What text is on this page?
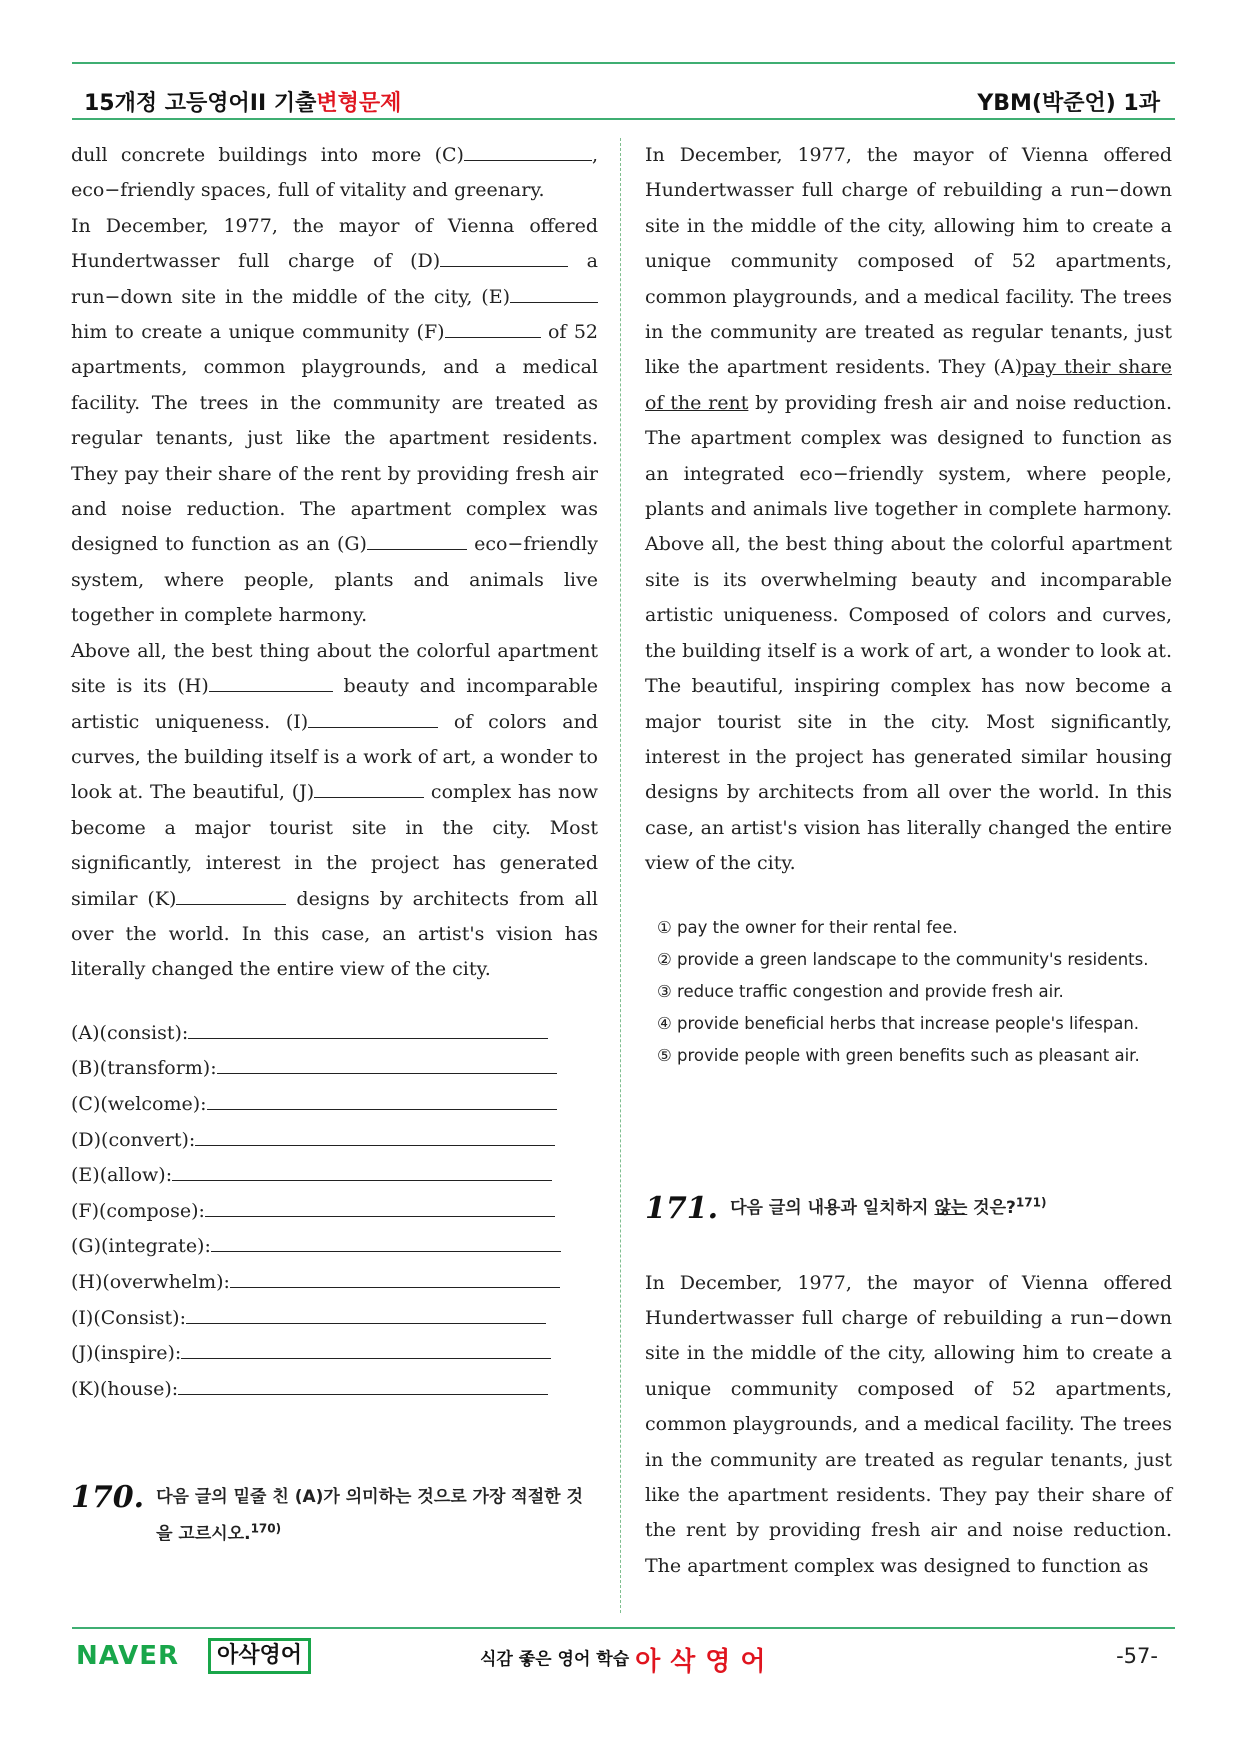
15개정 고등영어II 기출변형문제	YBM(박준언) 1과

dull concrete buildings into more (C)	, eco−friendly spaces, full of vitality and greenary.

In December, 1977, the mayor of Vienna offered Hundertwasser full charge of (D)	a run−down site in the middle of the city, (E) him to create a unique community (F)	of 52 apartments, common playgrounds, and a medical facility. The trees in the community are treated as regular tenants, just like the apartment residents. They pay their share of the rent by providing fresh air and noise reduction. The apartment complex was designed to function as an (G)	eco−friendly system, where people, plants and animals live together in complete harmony.

Above all, the best thing about the colorful apartment site is its (H)	beauty and incomparable artistic uniqueness. (I)	of colors and curves, the building itself is a work of art, a wonder to look at. The beautiful, (J)	complex has now become a major tourist site in the city. Most significantly, interest in the project has generated similar (K)	designs by architects from all over the world. In this case, an artist's vision has literally changed the entire view of the city.

(A)(consist):
(B)(transform):
(C)(welcome):
(D)(convert):
(E)(allow):
(F)(compose):
(G)(integrate):
(H)(overwhelm):
(I)(Consist):
(J)(inspire):
(K)(house):
170. 다음 글의 밑줄 친 (A)가 의미하는 것으로 가장 적절한 것을 고르시오.$^{170)}$

In December, 1977, the mayor of Vienna offered Hundertwasser full charge of rebuilding a run−down site in the middle of the city, allowing him to create a unique community composed of 52 apartments, common playgrounds, and a medical facility. The trees in the community are treated as regular tenants, just like the apartment residents. They (A)pay their share of the rent by providing fresh air and noise reduction. The apartment complex was designed to function as an integrated eco−friendly system, where people, plants and animals live together in complete harmony. Above all, the best thing about the colorful apartment site is its overwhelming beauty and incomparable artistic uniqueness. Composed of colors and curves, the building itself is a work of art, a wonder to look at. The beautiful, inspiring complex has now become a major tourist site in the city. Most significantly, interest in the project has generated similar housing designs by architects from all over the world. In this case, an artist's vision has literally changed the entire view of the city.

① pay the owner for their rental fee.
② provide a green landscape to the community's residents.
③ reduce traffic congestion and provide fresh air.
④ provide beneficial herbs that increase people's lifespan.
⑤ provide people with green benefits such as pleasant air.
171. 다음 글의 내용과 일치하지 않는 것은?$^{171)}$

In December, 1977, the mayor of Vienna offered Hundertwasser full charge of rebuilding a run−down site in the middle of the city, allowing him to create a unique community composed of 52 apartments, common playgrounds, and a medical facility. The trees in the community are treated as regular tenants, just like the apartment residents. They pay their share of the rent by providing fresh air and noise reduction. The apartment complex was designed to function as

NAVER	아삭영어	식감 좋은 영어 학습 아삭영어	-57-
